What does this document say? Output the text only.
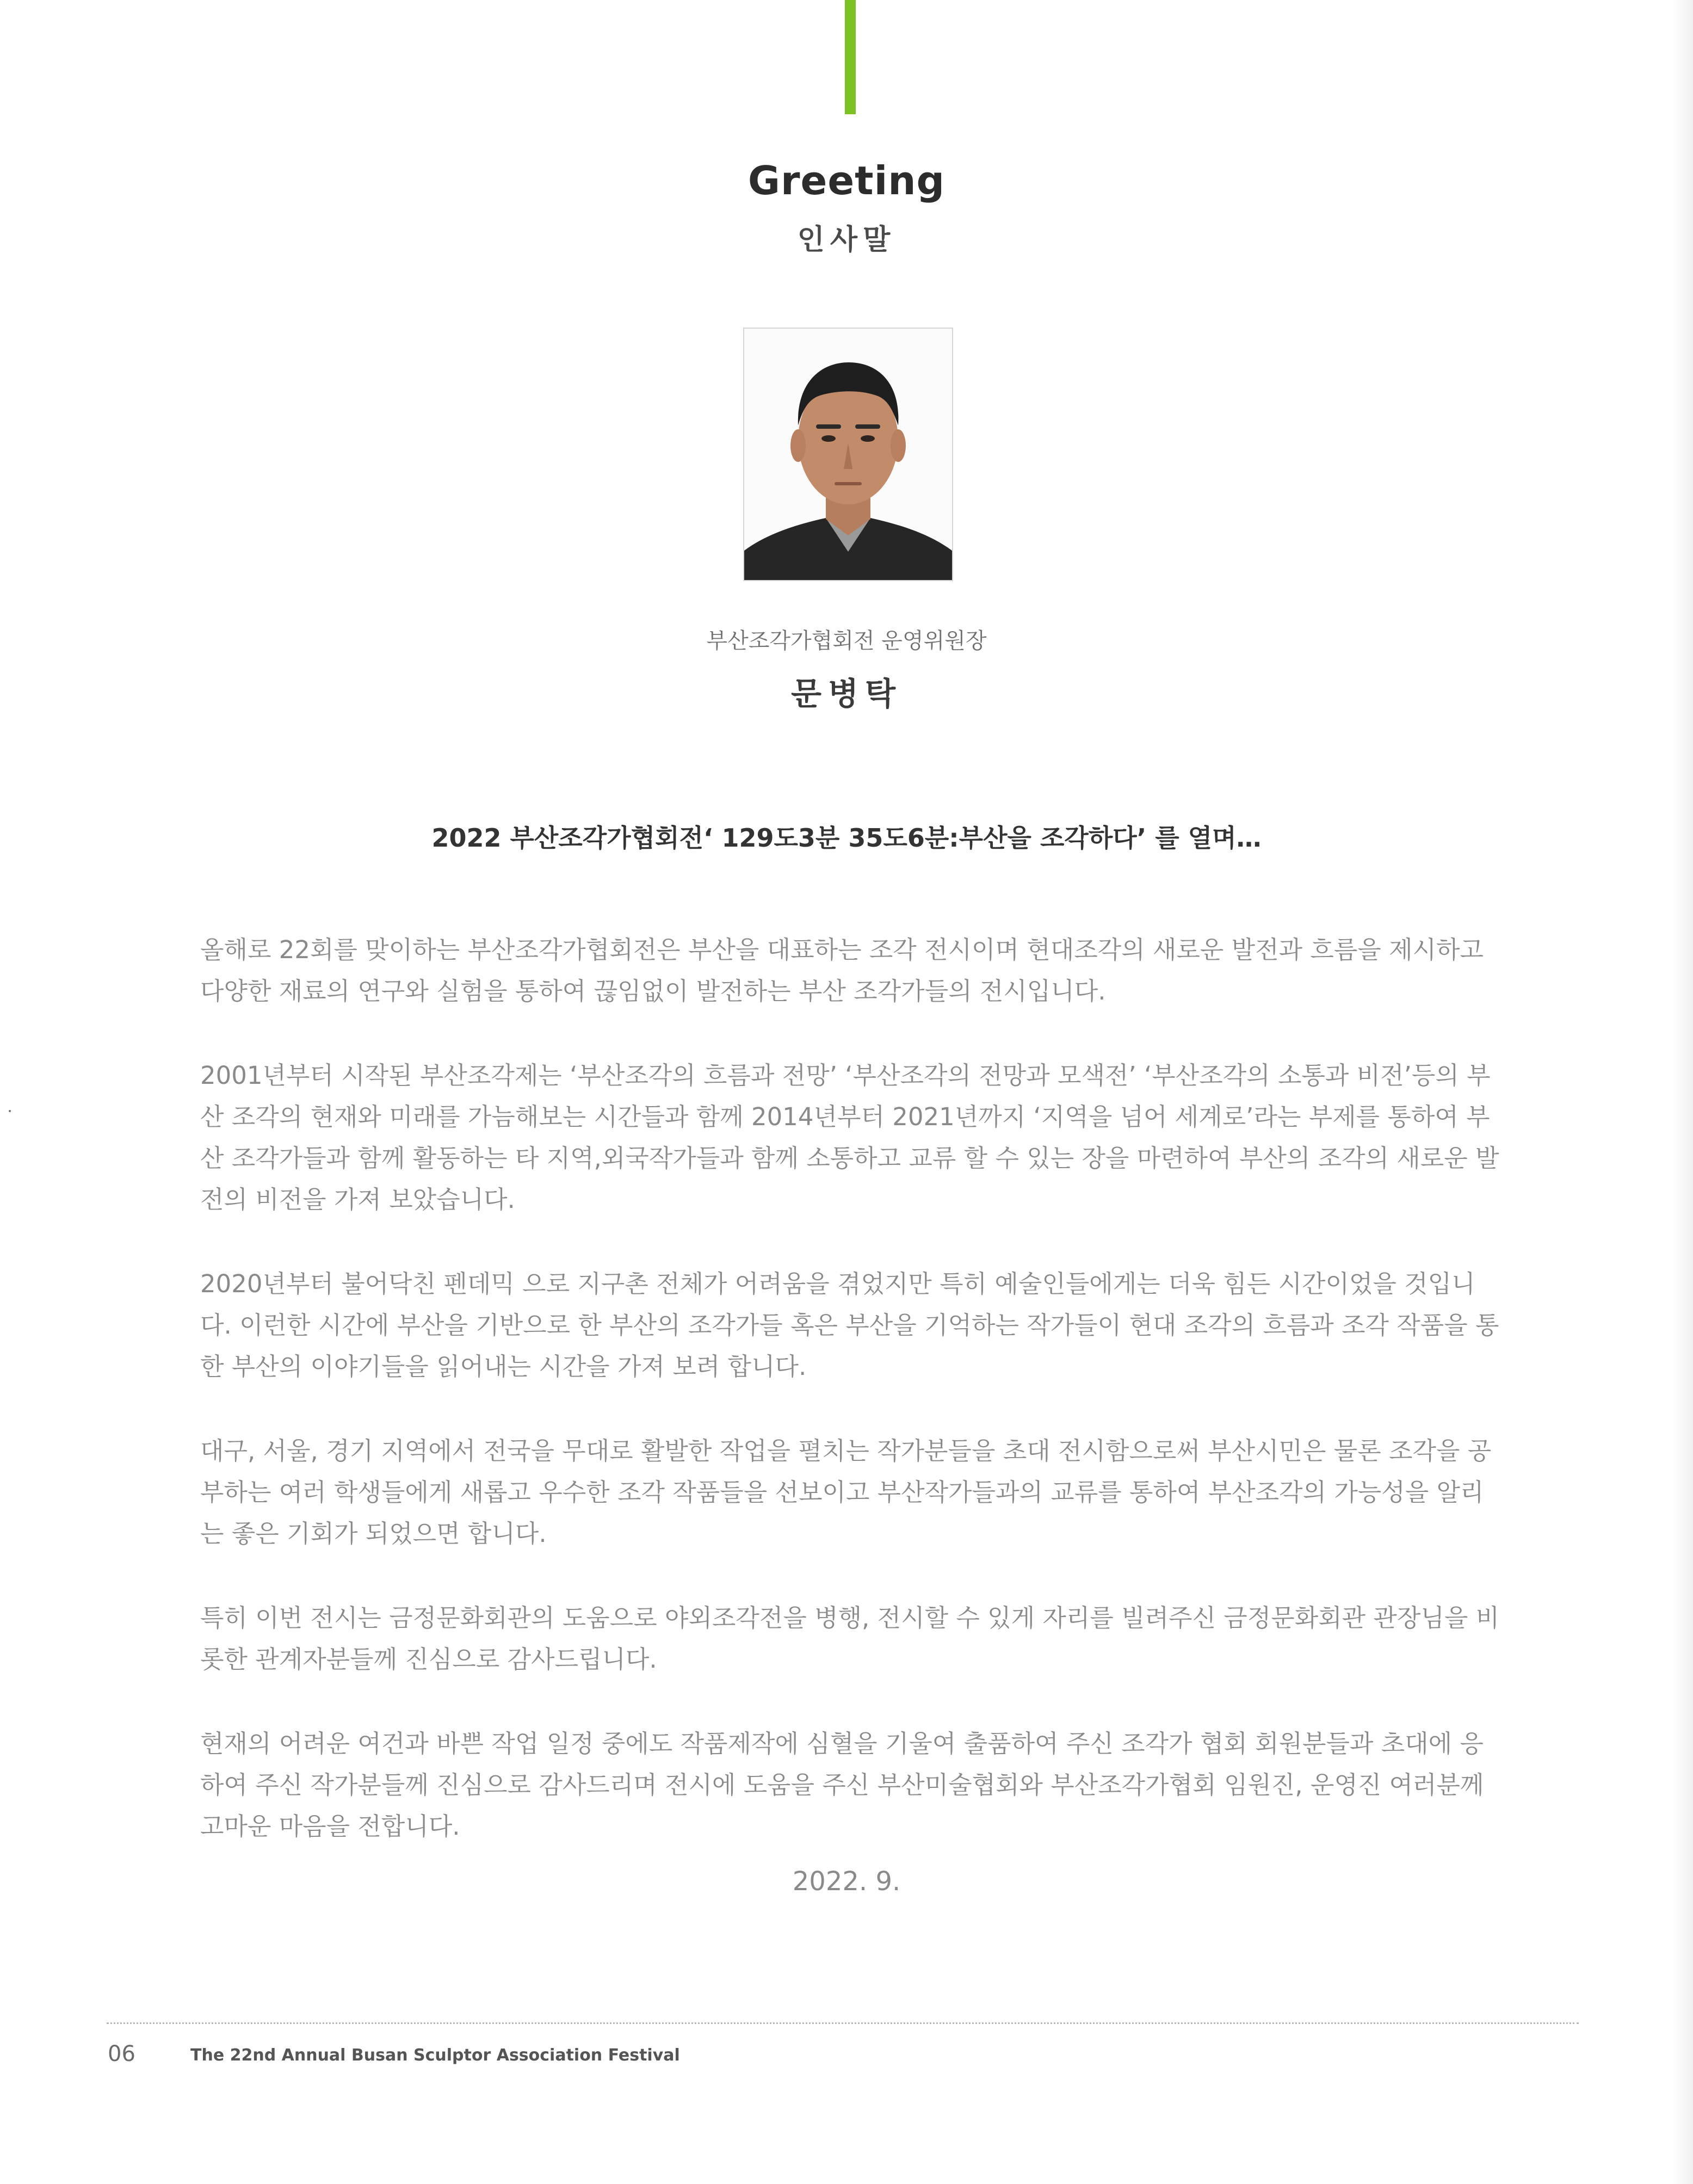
Greeting
인사말
부산조각가협회전 운영위원장
문병탁
2022 부산조각가협회전‘ 129도3분 35도6분:부산을 조각하다’ 를 열며…

올해로 22회를 맞이하는 부산조각가협회전은 부산을 대표하는 조각 전시이며 현대조각의 새로운 발전과 흐름을 제시하고 다양한 재료의 연구와 실험을 통하여 끊임없이 발전하는 부산 조각가들의 전시입니다.

2001년부터 시작된 부산조각제는 ‘부산조각의 흐름과 전망’ ‘부산조각의 전망과 모색전’ ‘부산조각의 소통과 비전’등의 부산 조각의 현재와 미래를 가늠해보는 시간들과 함께 2014년부터 2021년까지 ‘지역을 넘어 세계로’라는 부제를 통하여 부산 조각가들과 함께 활동하는 타 지역,외국작가들과 함께 소통하고 교류 할 수 있는 장을 마련하여 부산의 조각의 새로운 발전의 비전을 가져 보았습니다.

2020년부터 불어닥친 펜데믹 으로 지구촌 전체가 어려움을 겪었지만 특히 예술인들에게는 더욱 힘든 시간이었을 것입니다. 이런한 시간에 부산을 기반으로 한 부산의 조각가들 혹은 부산을 기억하는 작가들이 현대 조각의 흐름과 조각 작품을 통한 부산의 이야기들을 읽어내는 시간을 가져 보려 합니다.

대구, 서울, 경기 지역에서 전국을 무대로 활발한 작업을 펼치는 작가분들을 초대 전시함으로써 부산시민은 물론 조각을 공부하는 여러 학생들에게 새롭고 우수한 조각 작품들을 선보이고 부산작가들과의 교류를 통하여 부산조각의 가능성을 알리는 좋은 기회가 되었으면 합니다.

특히 이번 전시는 금정문화회관의 도움으로 야외조각전을 병행, 전시할 수 있게 자리를 빌려주신 금정문화회관 관장님을 비롯한 관계자분들께 진심으로 감사드립니다.

현재의 어려운 여건과 바쁜 작업 일정 중에도 작품제작에 심혈을 기울여 출품하여 주신 조각가 협회 회원분들과 초대에 응하여 주신 작가분들께 진심으로 감사드리며 전시에 도움을 주신 부산미술협회와 부산조각가협회 임원진, 운영진 여러분께 고마운 마음을 전합니다.

2022. 9.
06	The 22nd Annual Busan Sculptor Association Festival
